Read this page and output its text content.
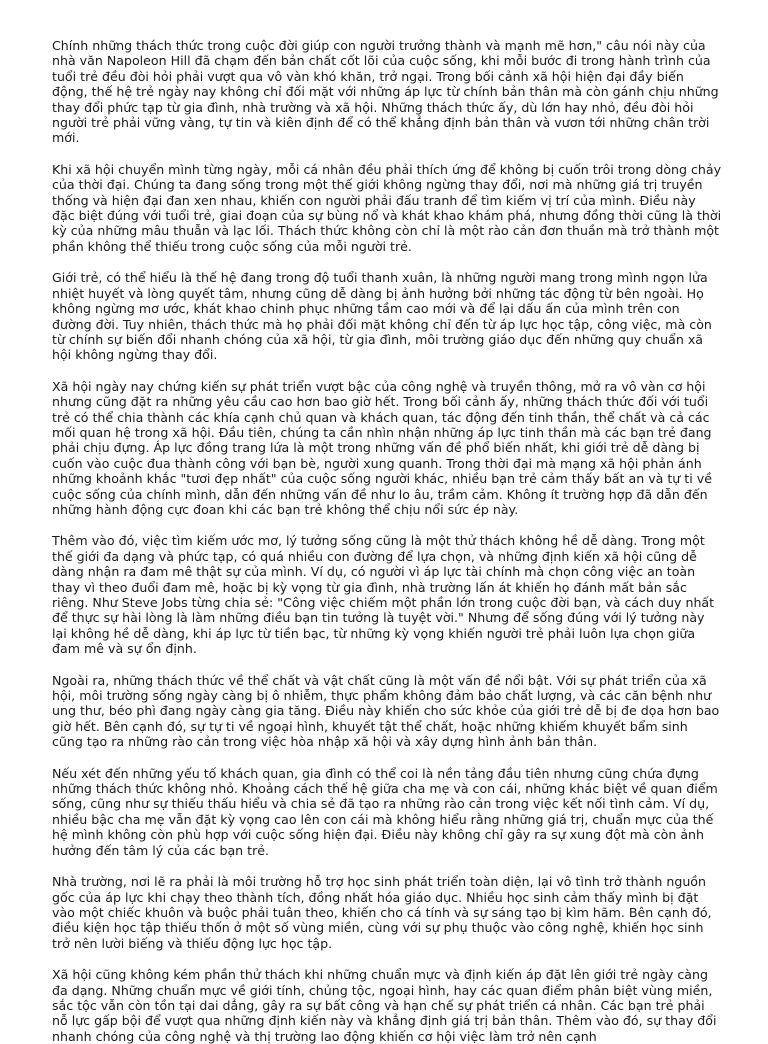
Chính những thách thức trong cuộc đời giúp con người trưởng thành và mạnh mẽ hơn," câu nói này của nhà văn Napoleon Hill đã chạm đến bản chất cốt lõi của cuộc sống, khi mỗi bước đi trong hành trình của tuổi trẻ đều đòi hỏi phải vượt qua vô vàn khó khăn, trở ngại. Trong bối cảnh xã hội hiện đại đầy biến động, thế hệ trẻ ngày nay không chỉ đối mặt với những áp lực từ chính bản thân mà còn gánh chịu những thay đổi phức tạp từ gia đình, nhà trường và xã hội. Những thách thức ấy, dù lớn hay nhỏ, đều đòi hỏi người trẻ phải vững vàng, tự tin và kiên định để có thể khẳng định bản thân và vươn tới những chân trời mới.

Khi xã hội chuyển mình từng ngày, mỗi cá nhân đều phải thích ứng để không bị cuốn trôi trong dòng chảy của thời đại. Chúng ta đang sống trong một thế giới không ngừng thay đổi, nơi mà những giá trị truyền thống và hiện đại đan xen nhau, khiến con người phải đấu tranh để tìm kiếm vị trí của mình. Điều này đặc biệt đúng với tuổi trẻ, giai đoạn của sự bùng nổ và khát khao khám phá, nhưng đồng thời cũng là thời kỳ của những mâu thuẫn và lạc lối. Thách thức không còn chỉ là một rào cản đơn thuần mà trở thành một phần không thể thiếu trong cuộc sống của mỗi người trẻ.

Giới trẻ, có thể hiểu là thế hệ đang trong độ tuổi thanh xuân, là những người mang trong mình ngọn lửa nhiệt huyết và lòng quyết tâm, nhưng cũng dễ dàng bị ảnh hưởng bởi những tác động từ bên ngoài. Họ không ngừng mơ ước, khát khao chinh phục những tầm cao mới và để lại dấu ấn của mình trên con đường đời. Tuy nhiên, thách thức mà họ phải đối mặt không chỉ đến từ áp lực học tập, công việc, mà còn từ chính sự biến đổi nhanh chóng của xã hội, từ gia đình, môi trường giáo dục đến những quy chuẩn xã hội không ngừng thay đổi.

Xã hội ngày nay chứng kiến sự phát triển vượt bậc của công nghệ và truyền thông, mở ra vô vàn cơ hội nhưng cũng đặt ra những yêu cầu cao hơn bao giờ hết. Trong bối cảnh ấy, những thách thức đối với tuổi trẻ có thể chia thành các khía cạnh chủ quan và khách quan, tác động đến tinh thần, thể chất và cả các mối quan hệ trong xã hội. Đầu tiên, chúng ta cần nhìn nhận những áp lực tinh thần mà các bạn trẻ đang phải chịu đựng. Áp lực đồng trang lứa là một trong những vấn đề phổ biến nhất, khi giới trẻ dễ dàng bị cuốn vào cuộc đua thành công với bạn bè, người xung quanh. Trong thời đại mà mạng xã hội phản ánh những khoảnh khắc "tươi đẹp nhất" của cuộc sống người khác, nhiều bạn trẻ cảm thấy bất an và tự ti về cuộc sống của chính mình, dẫn đến những vấn đề như lo âu, trầm cảm. Không ít trường hợp đã dẫn đến những hành động cực đoan khi các bạn trẻ không thể chịu nổi sức ép này.

Thêm vào đó, việc tìm kiếm ước mơ, lý tưởng sống cũng là một thử thách không hề dễ dàng. Trong một thế giới đa dạng và phức tạp, có quá nhiều con đường để lựa chọn, và những định kiến xã hội cũng dễ dàng nhận ra đam mê thật sự của mình. Ví dụ, có người vì áp lực tài chính mà chọn công việc an toàn thay vì theo đuổi đam mê, hoặc bị kỳ vọng từ gia đình, nhà trường lấn át khiến họ đánh mất bản sắc riêng. Như Steve Jobs từng chia sẻ: "Công việc chiếm một phần lớn trong cuộc đời bạn, và cách duy nhất để thực sự hài lòng là làm những điều bạn tin tưởng là tuyệt vời." Nhưng để sống đúng với lý tưởng này lại không hề dễ dàng, khi áp lực từ tiền bạc, từ những kỳ vọng khiến người trẻ phải luôn lựa chọn giữa đam mê và sự ổn định.

Ngoài ra, những thách thức về thể chất và vật chất cũng là một vấn đề nổi bật. Với sự phát triển của xã hội, môi trường sống ngày càng bị ô nhiễm, thực phẩm không đảm bảo chất lượng, và các căn bệnh như ung thư, béo phì đang ngày càng gia tăng. Điều này khiến cho sức khỏe của giới trẻ dễ bị đe dọa hơn bao giờ hết. Bên cạnh đó, sự tự ti về ngoại hình, khuyết tật thể chất, hoặc những khiếm khuyết bẩm sinh cũng tạo ra những rào cản trong việc hòa nhập xã hội và xây dựng hình ảnh bản thân.

Nếu xét đến những yếu tố khách quan, gia đình có thể coi là nền tảng đầu tiên nhưng cũng chứa đựng những thách thức không nhỏ. Khoảng cách thế hệ giữa cha mẹ và con cái, những khác biệt về quan điểm sống, cũng như sự thiếu thấu hiểu và chia sẻ đã tạo ra những rào cản trong việc kết nối tình cảm. Ví dụ, nhiều bậc cha mẹ vẫn đặt kỳ vọng cao lên con cái mà không hiểu rằng những giá trị, chuẩn mực của thế hệ mình không còn phù hợp với cuộc sống hiện đại. Điều này không chỉ gây ra sự xung đột mà còn ảnh hưởng đến tâm lý của các bạn trẻ.

Nhà trường, nơi lẽ ra phải là môi trường hỗ trợ học sinh phát triển toàn diện, lại vô tình trở thành nguồn gốc của áp lực khi chạy theo thành tích, đồng nhất hóa giáo dục. Nhiều học sinh cảm thấy mình bị đặt vào một chiếc khuôn và buộc phải tuân theo, khiến cho cá tính và sự sáng tạo bị kìm hãm. Bên cạnh đó, điều kiện học tập thiếu thốn ở một số vùng miền, cùng với sự phụ thuộc vào công nghệ, khiến học sinh trở nên lười biếng và thiếu động lực học tập.

Xã hội cũng không kém phần thử thách khi những chuẩn mực và định kiến áp đặt lên giới trẻ ngày càng đa dạng. Những chuẩn mực về giới tính, chủng tộc, ngoại hình, hay các quan điểm phân biệt vùng miền, sắc tộc vẫn còn tồn tại dai dẳng, gây ra sự bất công và hạn chế sự phát triển cá nhân. Các bạn trẻ phải nỗ lực gấp bội để vượt qua những định kiến này và khẳng định giá trị bản thân. Thêm vào đó, sự thay đổi nhanh chóng của công nghệ và thị trường lao động khiến cơ hội việc làm trở nên cạnh
